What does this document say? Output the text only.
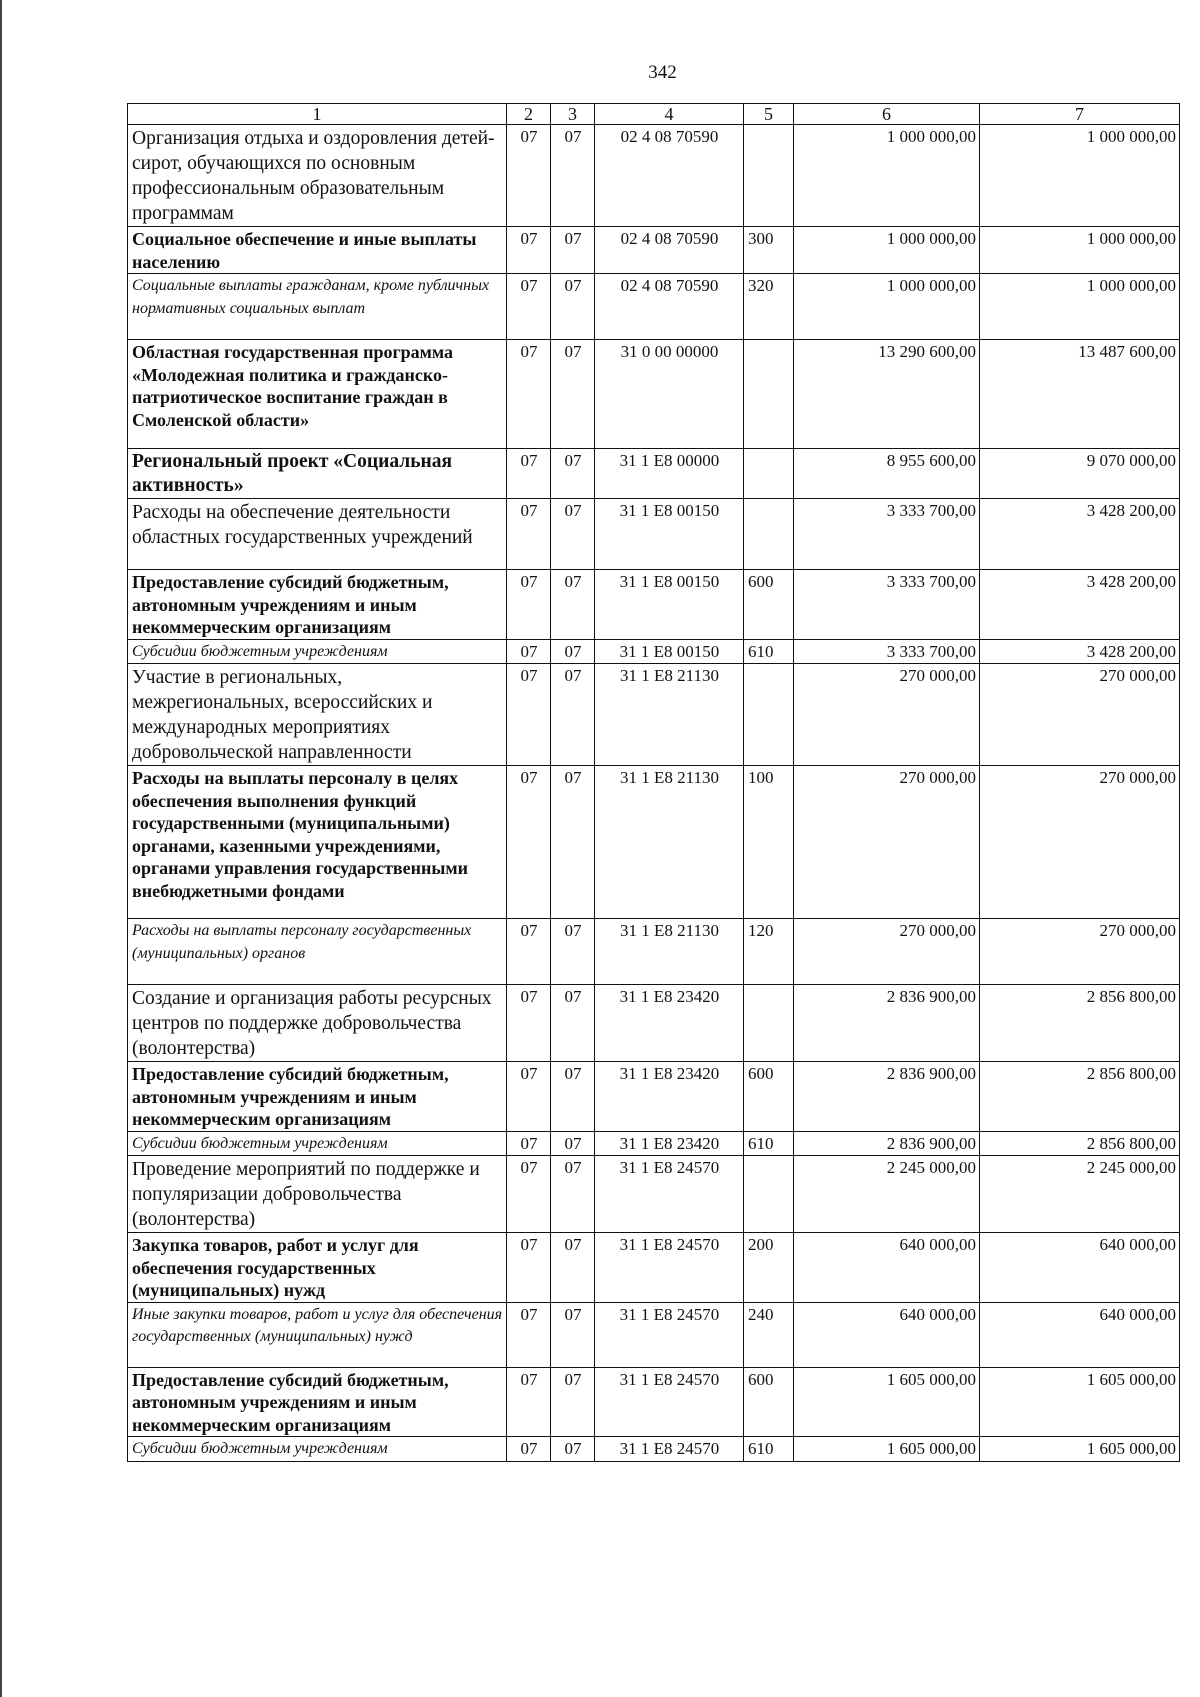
342
1	2	3	4	5	6	7
Организация отдыха и оздоровления детей-сирот, обучающихся по основным профессиональным образовательным программам	07	07	02 4 08 70590		1 000 000,00	1 000 000,00
Социальное обеспечение и иные выплаты населению	07	07	02 4 08 70590	300	1 000 000,00	1 000 000,00
Социальные выплаты гражданам, кроме публичных нормативных социальных выплат	07	07	02 4 08 70590	320	1 000 000,00	1 000 000,00
Областная государственная программа «Молодежная политика и гражданско-патриотическое воспитание граждан в Смоленской области»	07	07	31 0 00 00000		13 290 600,00	13 487 600,00
Региональный проект «Социальная активность»	07	07	31 1 E8 00000		8 955 600,00	9 070 000,00
Расходы на обеспечение деятельности областных государственных учреждений	07	07	31 1 E8 00150		3 333 700,00	3 428 200,00
Предоставление субсидий бюджетным, автономным учреждениям и иным некоммерческим организациям	07	07	31 1 E8 00150	600	3 333 700,00	3 428 200,00
Субсидии бюджетным учреждениям	07	07	31 1 E8 00150	610	3 333 700,00	3 428 200,00
Участие в региональных, межрегиональных, всероссийских и международных мероприятиях добровольческой направленности	07	07	31 1 E8 21130		270 000,00	270 000,00
Расходы на выплаты персоналу в целях обеспечения выполнения функций государственными (муниципальными) органами, казенными учреждениями, органами управления государственными внебюджетными фондами	07	07	31 1 E8 21130	100	270 000,00	270 000,00
Расходы на выплаты персоналу государственных (муниципальных) органов	07	07	31 1 E8 21130	120	270 000,00	270 000,00
Создание и организация работы ресурсных центров по поддержке добровольчества (волонтерства)	07	07	31 1 E8 23420		2 836 900,00	2 856 800,00
Предоставление субсидий бюджетным, автономным учреждениям и иным некоммерческим организациям	07	07	31 1 E8 23420	600	2 836 900,00	2 856 800,00
Субсидии бюджетным учреждениям	07	07	31 1 E8 23420	610	2 836 900,00	2 856 800,00
Проведение мероприятий по поддержке и популяризации добровольчества (волонтерства)	07	07	31 1 E8 24570		2 245 000,00	2 245 000,00
Закупка товаров, работ и услуг для обеспечения государственных (муниципальных) нужд	07	07	31 1 E8 24570	200	640 000,00	640 000,00
Иные закупки товаров, работ и услуг для обеспечения государственных (муниципальных) нужд	07	07	31 1 E8 24570	240	640 000,00	640 000,00
Предоставление субсидий бюджетным, автономным учреждениям и иным некоммерческим организациям	07	07	31 1 E8 24570	600	1 605 000,00	1 605 000,00
Субсидии бюджетным учреждениям	07	07	31 1 E8 24570	610	1 605 000,00	1 605 000,00
